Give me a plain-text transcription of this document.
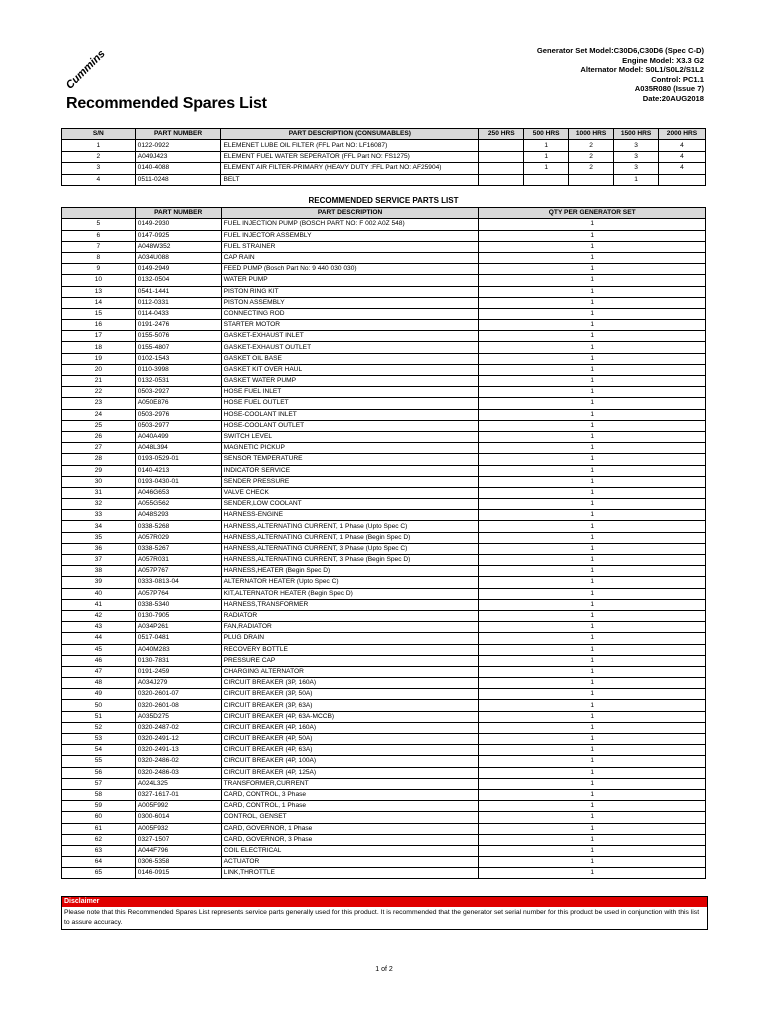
Cummins
Recommended Spares List
Generator Set Model:C30D6,C30D6 (Spec C-D)
Engine Model: X3.3 G2
Alternator Model: S0L1/S0L2/S1L2
Control: PC1.1
A035R080 (Issue 7)
Date:20AUG2018
S/N	PART NUMBER	PART DESCRIPTION (CONSUMABLES)	250 HRS	500 HRS	1000 HRS	1500 HRS	2000 HRS
1	0122-0922	ELEMENET LUBE OIL FILTER (FFL Part NO: LF16087)		1	2	3	4
2	A049J423	ELEMENT FUEL WATER SEPERATOR (FFL Part NO: FS1275)		1	2	3	4
3	0140-4088	ELEMENT AIR FILTER-PRIMARY (HEAVY DUTY :FFL Part NO: AF25904)		1	2	3	4
4	0511-0248	BELT				1	
RECOMMENDED SERVICE PARTS LIST
	PART NUMBER	PART DESCRIPTION	QTY PER GENERATOR SET
5	0149-2930	FUEL INJECTION PUMP (BOSCH PART NO: F 002 A0Z 548)	1
6	0147-0925	FUEL INJECTOR ASSEMBLY	1
7	A048W352	FUEL STRAINER	1
8	A034U088	CAP RAIN	1
9	0149-2949	FEED PUMP (Bosch Part No: 9 440 030 030)	1
10	0132-0504	WATER PUMP	1
13	0541-1441	PISTON RING KIT	1
14	0112-0331	PISTON ASSEMBLY	1
15	0114-0433	CONNECTING ROD	1
16	0191-2476	STARTER MOTOR	1
17	0155-5076	GASKET-EXHAUST INLET	1
18	0155-4807	GASKET-EXHAUST OUTLET	1
19	0102-1543	GASKET OIL BASE	1
20	0110-3998	GASKET KIT OVER HAUL	1
21	0132-0531	GASKET WATER PUMP	1
22	0503-2927	HOSE FUEL INLET	1
23	A050E876	HOSE FUEL OUTLET	1
24	0503-2976	HOSE-COOLANT INLET	1
25	0503-2977	HOSE-COOLANT OUTLET	1
26	A040A499	SWITCH LEVEL	1
27	A048L394	MAGNETIC PICKUP	1
28	0193-0529-01	SENSOR TEMPERATURE	1
29	0140-4213	INDICATOR SERVICE	1
30	0193-0430-01	SENDER PRESSURE	1
31	A046G653	VALVE CHECK	1
32	A055G562	SENDER,LOW COOLANT	1
33	A048S293	HARNESS-ENGINE	1
34	0338-5268	HARNESS,ALTERNATING CURRENT, 1 Phase (Upto Spec C)	1
35	A057R029	HARNESS,ALTERNATING CURRENT, 1 Phase (Begin Spec D)	1
36	0338-5267	HARNESS,ALTERNATING CURRENT, 3 Phase (Upto Spec C)	1
37	A057R031	HARNESS,ALTERNATING CURRENT, 3 Phase (Begin Spec D)	1
38	A057P767	HARNESS,HEATER (Begin Spec D)	1
39	0333-0813-04	ALTERNATOR HEATER (Upto Spec C)	1
40	A057P764	KIT,ALTERNATOR HEATER (Begin Spec D)	1
41	0338-5340	HARNESS,TRANSFORMER	1
42	0130-7905	RADIATOR	1
43	A034P261	FAN,RADIATOR	1
44	0517-0481	PLUG DRAIN	1
45	A040M283	RECOVERY BOTTLE	1
46	0130-7831	PRESSURE CAP	1
47	0191-2459	CHARGING ALTERNATOR	1
48	A034J279	CIRCUIT BREAKER (3P, 160A)	1
49	0320-2601-07	CIRCUIT BREAKER (3P, 50A)	1
50	0320-2601-08	CIRCUIT BREAKER (3P, 63A)	1
51	A035D275	CIRCUIT BREAKER (4P, 63A-MCCB)	1
52	0320-2487-02	CIRCUIT BREAKER (4P, 160A)	1
53	0320-2491-12	CIRCUIT BREAKER (4P, 50A)	1
54	0320-2491-13	CIRCUIT BREAKER (4P, 63A)	1
55	0320-2486-02	CIRCUIT BREAKER (4P, 100A)	1
56	0320-2486-03	CIRCUIT BREAKER (4P, 125A)	1
57	A024L325	TRANSFORMER,CURRENT	1
58	0327-1617-01	CARD, CONTROL, 3 Phase	1
59	A005F992	CARD, CONTROL, 1 Phase	1
60	0300-6014	CONTROL, GENSET	1
61	A005F932	CARD, GOVERNOR, 1 Phase	1
62	0327-1507	CARD, GOVERNOR, 3 Phase	1
63	A044F796	COIL ELECTRICAL	1
64	0306-5358	ACTUATOR	1
65	0146-0915	LINK,THROTTLE	1
Disclaimer
Please note that this Recommended Spares List represents service parts generally used for this product. It is recommended that the generator set serial number for this product be used in conjunction with this list to assure accuracy.
1 of 2
